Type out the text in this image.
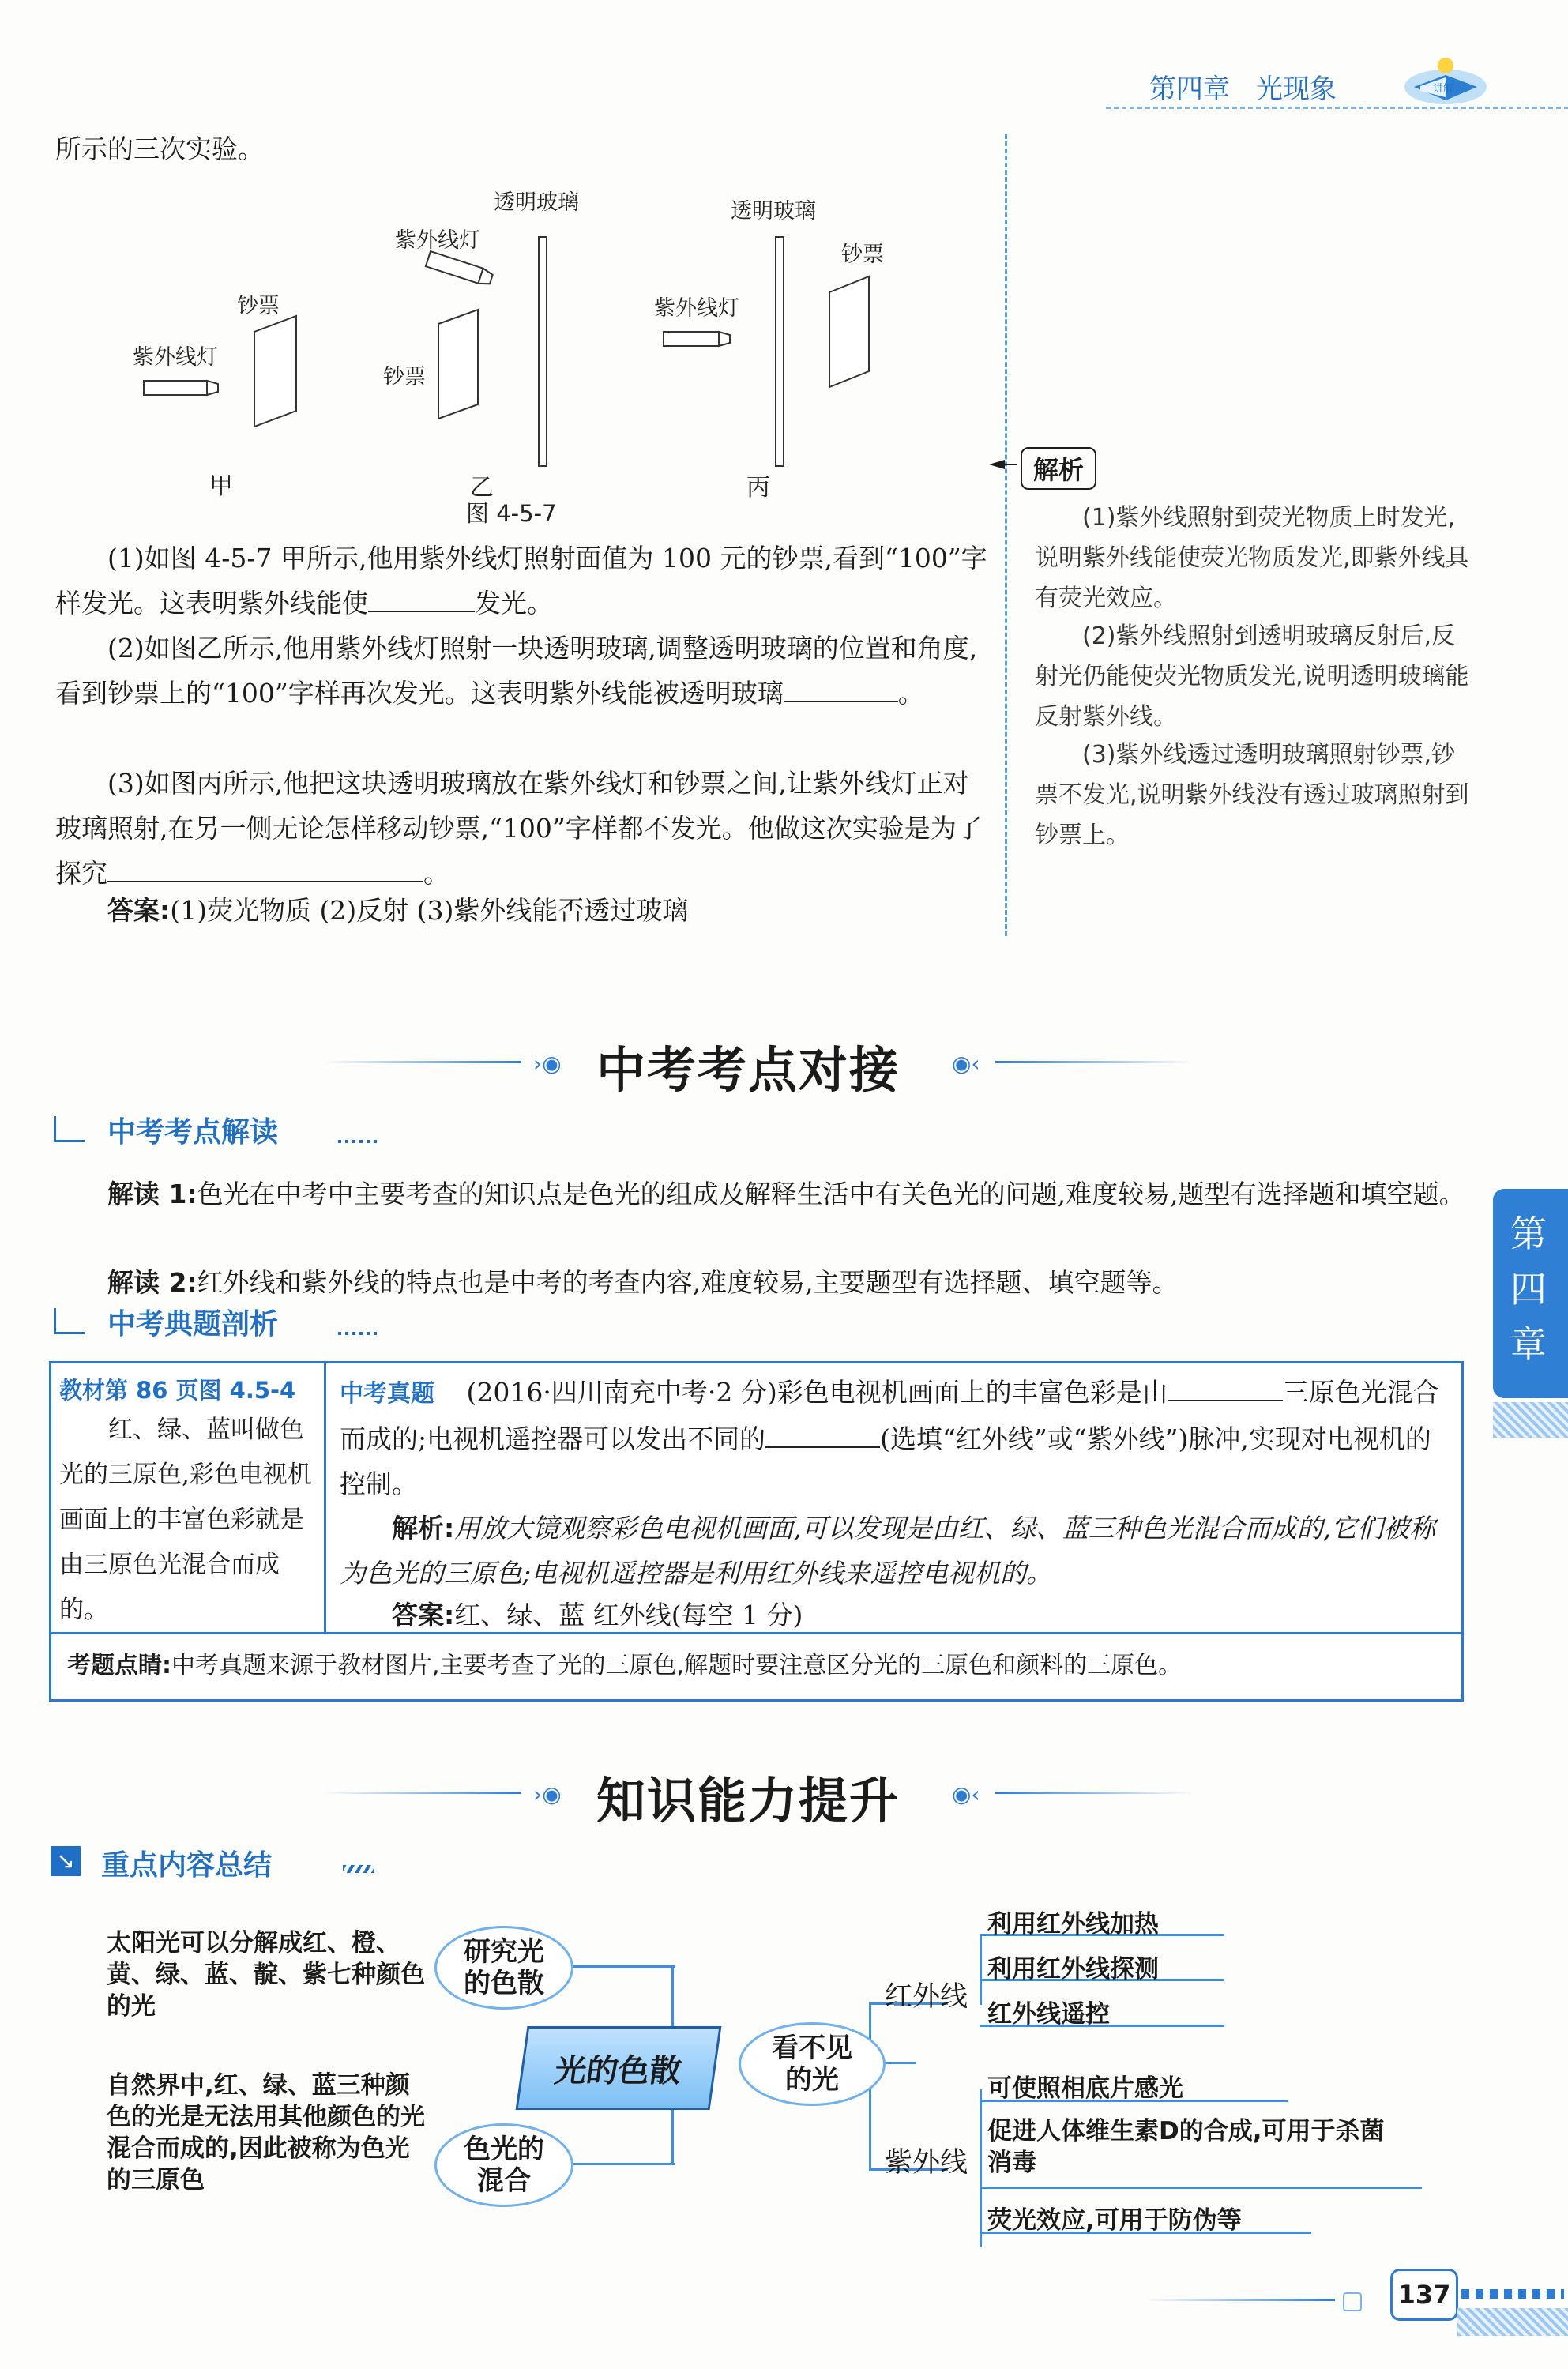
第四章 光现象	讲解
所示的三次实验。
紫外线灯
钞票
紫外线灯
钞票
透明玻璃
紫外线灯
透明玻璃
钞票
甲	乙	丙
图 4-5-7
(1)如图 4-5-7 甲所示,他用紫外线灯照射面值为 100 元的钞票,看到“100”字样发光。这表明紫外线能使	发光。
(2)如图乙所示,他用紫外线灯照射一块透明玻璃,调整透明玻璃的位置和角度,看到钞票上的“100”字样再次发光。这表明紫外线能被透明玻璃	。
(3)如图丙所示,他把这块透明玻璃放在紫外线灯和钞票之间,让紫外线灯正对玻璃照射,在另一侧无论怎样移动钞票,“100”字样都不发光。他做这次实验是为了探究	。
答案:(1)荧光物质 (2)反射 (3)紫外线能否透过玻璃
解析
(1)紫外线照射到荧光物质上时发光,说明紫外线能使荧光物质发光,即紫外线具有荧光效应。
(2)紫外线照射到透明玻璃反射后,反射光仍能使荧光物质发光,说明透明玻璃能反射紫外线。
(3)紫外线透过透明玻璃照射钞票,钞票不发光,说明紫外线没有透过玻璃照射到钞票上。
›◉ 中考考点对接 ◉‹
中考考点解读
解读 1:色光在中考中主要考查的知识点是色光的组成及解释生活中有关色光的问题,难度较易,题型有选择题和填空题。
解读 2:红外线和紫外线的特点也是中考的考查内容,难度较易,主要题型有选择题、填空题等。
中考典题剖析
教材第 86 页图 4.5-4
红、绿、蓝叫做色光的三原色,彩色电视机画面上的丰富色彩就是由三原色光混合而成的。
中考真题 (2016·四川南充中考·2 分)彩色电视机画面上的丰富色彩是由	三原色光混合而成的;电视机遥控器可以发出不同的	(选填“红外线”或“紫外线”)脉冲,实现对电视机的控制。
解析:用放大镜观察彩色电视机画面,可以发现是由红、绿、蓝三种色光混合而成的,它们被称为色光的三原色;电视机遥控器是利用红外线来遥控电视机的。
答案:红、绿、蓝 红外线(每空 1 分)
考题点睛:中考真题来源于教材图片,主要考查了光的三原色,解题时要注意区分光的三原色和颜料的三原色。
第四章
›◉ 知识能力提升 ◉‹
↘ 重点内容总结
太阳光可以分解成红、橙、黄、绿、蓝、靛、紫七种颜色的光
自然界中,红、绿、蓝三种颜色的光是无法用其他颜色的光混合而成的,因此被称为色光的三原色
研究光的色散
色光的混合
光的色散
看不见的光
红外线
紫外线
利用红外线加热
利用红外线探测
红外线遥控
可使照相底片感光
促进人体维生素D的合成,可用于杀菌消毒
荧光效应,可用于防伪等
137
